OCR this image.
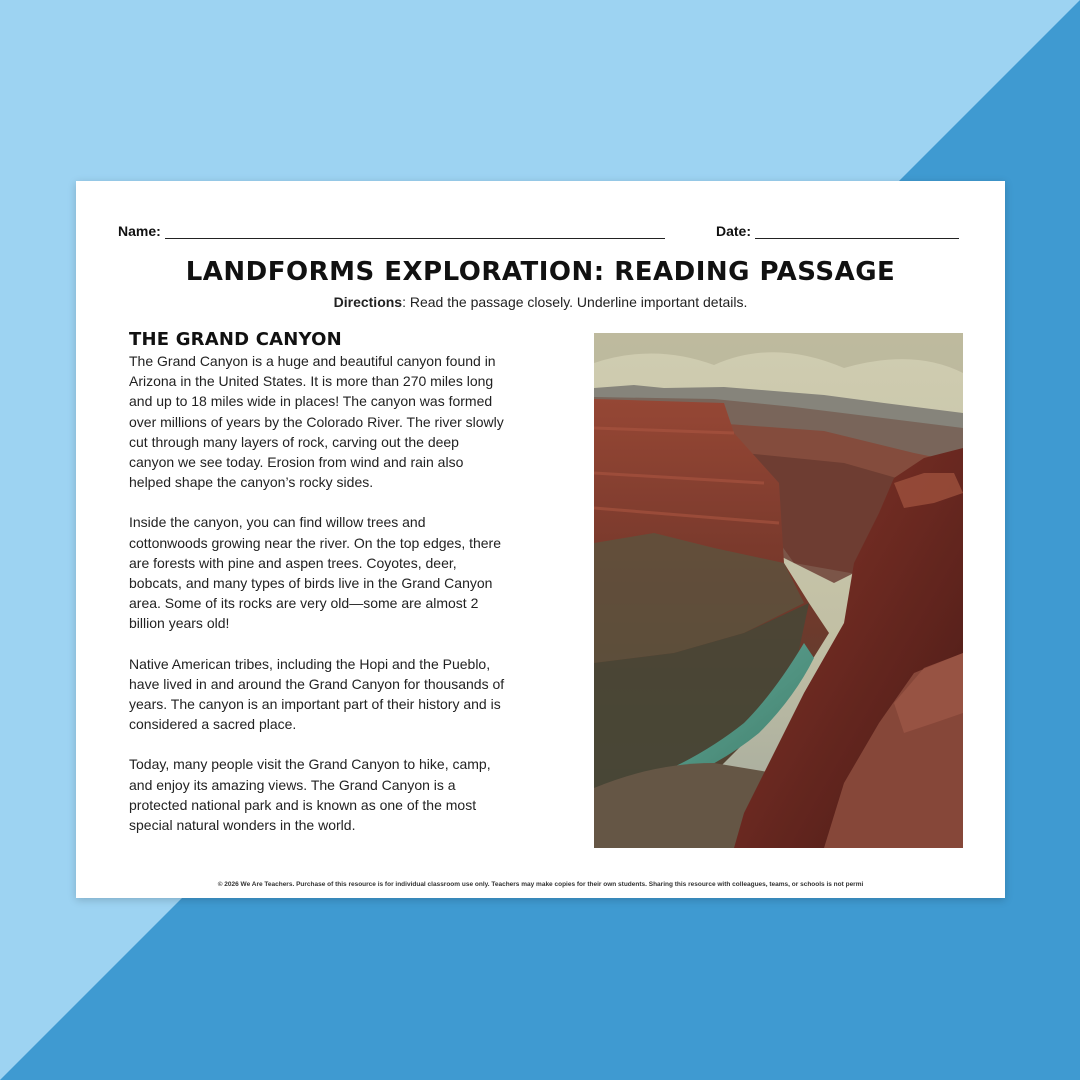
Name:	Date:
LANDFORMS EXPLORATION: READING PASSAGE
Directions: Read the passage closely. Underline important details.
THE GRAND CANYON

The Grand Canyon is a huge and beautiful canyon found in Arizona in the United States. It is more than 270 miles long and up to 18 miles wide in places! The canyon was formed over millions of years by the Colorado River. The river slowly cut through many layers of rock, carving out the deep canyon we see today. Erosion from wind and rain also helped shape the canyon’s rocky sides.

Inside the canyon, you can find willow trees and cottonwoods growing near the river. On the top edges, there are forests with pine and aspen trees. Coyotes, deer, bobcats, and many types of birds live in the Grand Canyon area. Some of its rocks are very old—some are almost 2 billion years old!

Native American tribes, including the Hopi and the Pueblo, have lived in and around the Grand Canyon for thousands of years. The canyon is an important part of their history and is considered a sacred place.

Today, many people visit the Grand Canyon to hike, camp, and enjoy its amazing views. The Grand Canyon is a protected national park and is known as one of the most special natural wonders in the world.

© 2026 We Are Teachers. Purchase of this resource is for individual classroom use only. Teachers may make copies for their own students. Sharing this resource with colleagues, teams, or schools is not permi
